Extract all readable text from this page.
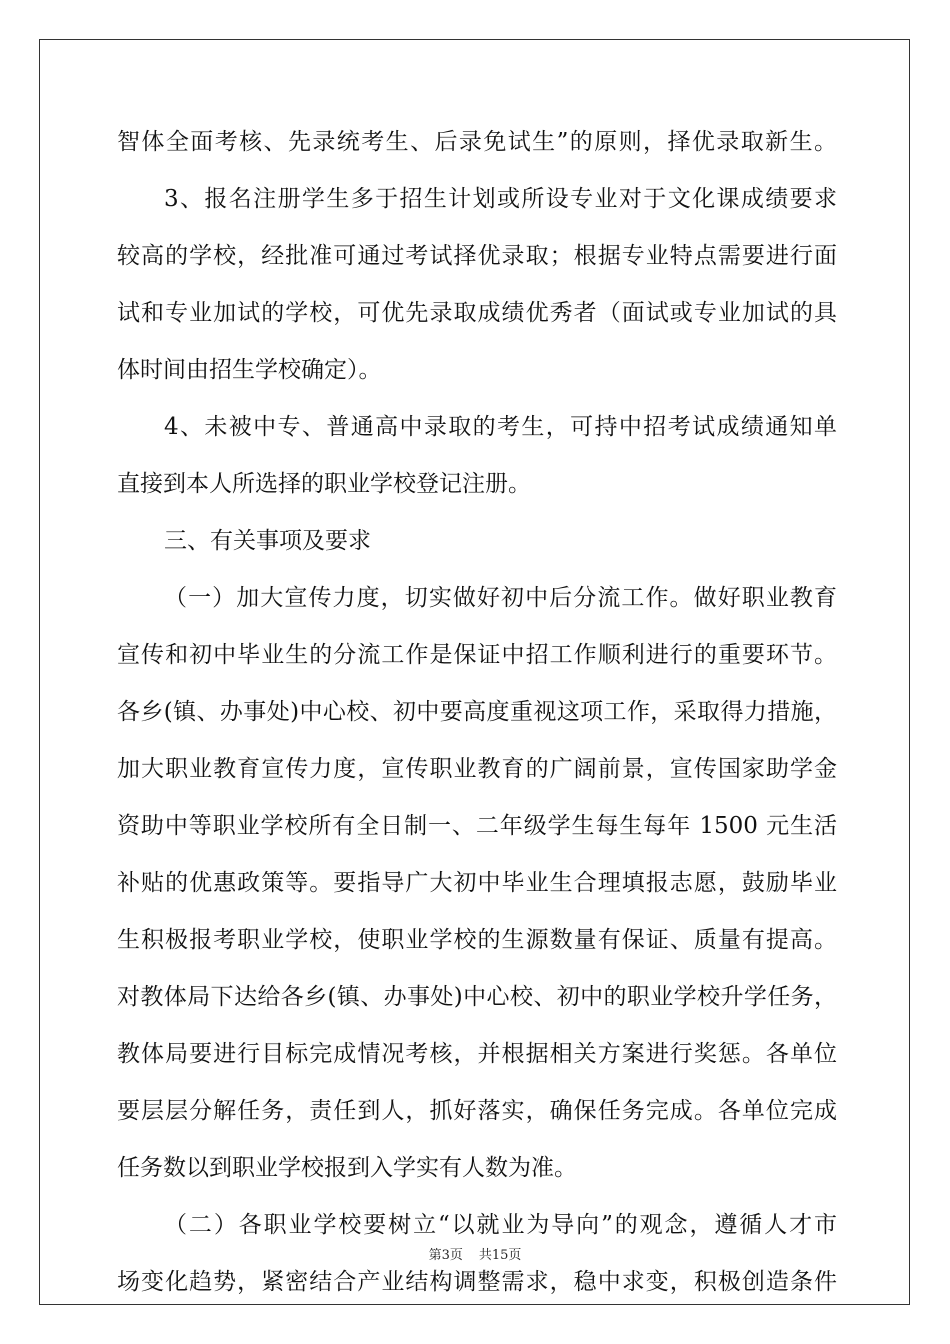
智体全面考核、先录统考生、后录免试生”的原则，择优录取新生。
3、报名注册学生多于招生计划或所设专业对于文化课成绩要求
较高的学校，经批准可通过考试择优录取；根据专业特点需要进行面
试和专业加试的学校，可优先录取成绩优秀者（面试或专业加试的具
体时间由招生学校确定）。
4、未被中专、普通高中录取的考生，可持中招考试成绩通知单
直接到本人所选择的职业学校登记注册。
三、有关事项及要求
（一）加大宣传力度，切实做好初中后分流工作。做好职业教育
宣传和初中毕业生的分流工作是保证中招工作顺利进行的重要环节。
各乡(镇、办事处)中心校、初中要高度重视这项工作，采取得力措施，
加大职业教育宣传力度，宣传职业教育的广阔前景，宣传国家助学金
资助中等职业学校所有全日制一、二年级学生每生每年 1500 元生活
补贴的优惠政策等。要指导广大初中毕业生合理填报志愿，鼓励毕业
生积极报考职业学校，使职业学校的生源数量有保证、质量有提高。
对教体局下达给各乡(镇、办事处)中心校、初中的职业学校升学任务，
教体局要进行目标完成情况考核，并根据相关方案进行奖惩。各单位
要层层分解任务，责任到人，抓好落实，确保任务完成。各单位完成
任务数以到职业学校报到入学实有人数为准。
（二）各职业学校要树立“以就业为导向”的观念，遵循人才市
场变化趋势，紧密结合产业结构调整需求，稳中求变，积极创造条件
第3页 共15页
